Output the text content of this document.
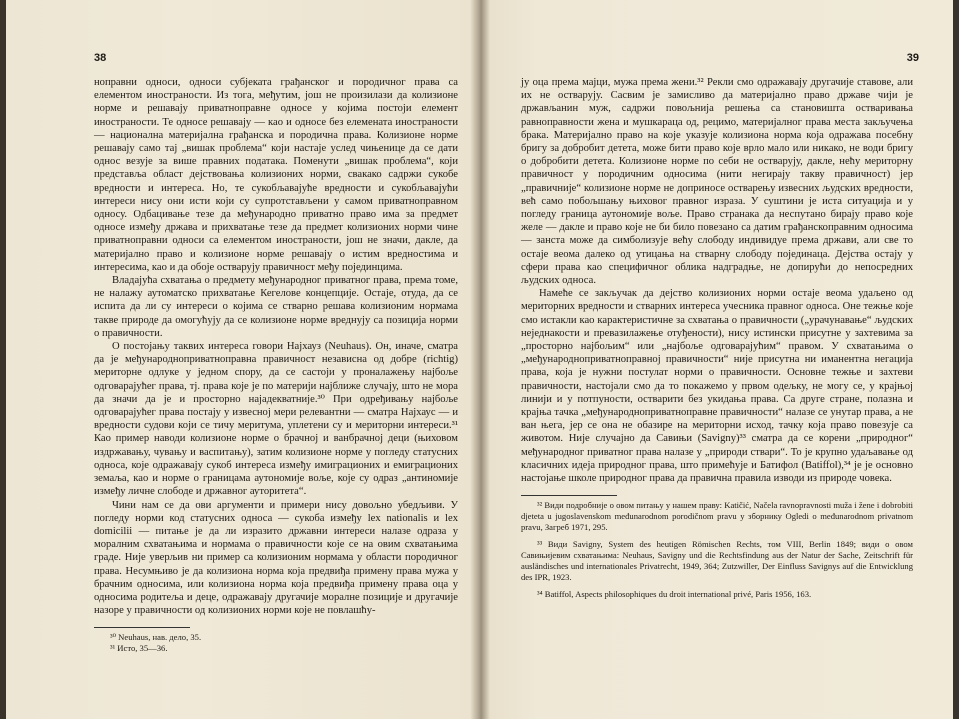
38

ноправни односи, односи субјеката грађанског и породичног права са елементом иностраности. Из тога, међутим, још не произилази да колизионе норме и решавају приватноправне односе у којима постоји елемент иностраности. Те односе решавају — као и односе без елемената иностраности — национална материјална грађанска и породична права. Колизионе норме решавају само тај „вишак проблема“ који настаје услед чињенице да се дати однос везује за више правних података. Поменути „вишак проблема“, који представља област дејствовања колизионих норми, свакако садржи сукобе вредности и интереса. Но, те сукобљавајуће вредности и сукобљавајући интереси нису они исти који су супротстављени у самом приватноправном односу. Одбацивање тезе да међународно приватно право има за предмет односе између држава и прихватање тезе да предмет колизионих норми чине приватноправни односи са елементом иностраности, још не значи, дакле, да материјално право и колизионе норме решавају о истим вредностима и интересима, као и да обоје остварују правичност међу појединцима.

Владајућа схватања о предмету међународног приватног права, према томе, не налажу аутоматско прихватање Кегелове концепције. Остаје, отуда, да се испита да ли су интереси о којима се стварно решава колизионим нормама такве природе да омогућују да се колизионе норме вреднују са позиција норми о правичности.

О постојању таквих интереса говори Најхауз (Neuhaus). Он, иначе, сматра да је међународноприватноправна правичност независна од добре (richtig) мериторне одлуке у једном спору, да се састоји у проналажењу најбоље одговарајућег права, тј. права које је по материји најближе случају, што не мора да значи да је и просторно најадекватније.³⁰ При одређивању најбоље одговарајућег права постају у извесној мери релевантни — сматра Најхаус — и вредности судови који се тичу меритума, уплетени су и мериторни интереси.³¹ Као пример наводи колизионе норме о брачној и ванбрачној деци (њиховом издржавању, чувању и васпитању), затим колизионе норме у погледу статусних односа, које одражавају сукоб интереса између имиграционих и емиграционих земаља, као и норме о границама аутономије воље, које су одраз „антиномије између личне слободе и државног ауторитета“.

Чини нам се да ови аргументи и примери нису довољно убедљиви. У погледу норми код статусних односа — сукоба између lex nationalis и lex domicilii — питање је да ли изразито државни интереси налазе одраза у моралним схватањима и нормама о правичности које се на овим схватањима граде. Није уверљив ни пример са колизионим нормама у области породичног права. Несумњиво је да колизиона норма која предвиђа примену права мужа у брачним односима, или колизиона норма која предвиђа примену права оца у односима родитеља и деце, одражавају другачије моралне позиције и другачије назоре у правичности од колизионих норми које не повлашћу-

³⁰ Neuhaus, нав. дело, 35.
³¹ Исто, 35—36.
39

ју оца према мајци, мужа према жени.³² Рекли смо одражавају другачије ставове, али их не остварују. Сасвим је замисливо да материјално право државе чији је држављанин муж, садржи повољнија решења са становишта остваривања равноправности жена и мушкараца од, рецимо, материјалног права места закључења брака. Материјално право на које указује колизиона норма која одражава посебну бригу за добробит детета, може бити право које врло мало или никако, не води бригу о добробити детета. Колизионе норме по себи не остварују, дакле, нећу мериторну правичност у породичним односима (нити негирају такву правичност) јер „правичније“ колизионе норме не доприносе остварењу извесних људских вредности, већ само побољшању њиховог правног израза. У суштини је иста ситуација и у погледу граница аутономије воље. Право странака да неспутано бирају право које желе — дакле и право које не би било повезано са датим грађанскоправним односима — занста може да симболизује већу слободу индивидуе према држави, али све то остаје веома далеко од утицања на стварну слободу појединаца. Дејства остају у сфери права као специфичног облика надградње, не допирући до непосредних људских односа.

Намеће се закључак да дејство колизионих норми остаје веома удаљено од мериторних вредности и стварних интереса учесника правног односа. Оне тежње које смо истакли као карактеристичне за схватања о правичности („урачунавање“ људских неједнакости и превазилажење отуђености), нису истински присутне у захтевима за „просторно најбољим“ или „најбоље одговарајућим“ правом. У схватањима о „међународноприватноправној правичности“ није присутна ни иманентна негација права, која је нужни постулат норми о правичности. Основне тежње и захтеви правичности, настојали смо да то покажемо у првом одељку, не могу се, у крајњој линији и у потпуности, остварити без укидања права. Са друге стране, полазна и крајња тачка „међународноприватноправне правичности“ налазе се унутар права, а не ван њега, јер се она не обазире на мериторни исход, тачку која право повезује са животом. Није случајно да Савињи (Savigny)³³ сматра да се корени „природног“ међународног приватног права налазе у „природи ствари“. То је крупно удаљавање од класичних идеја природног права, што примећује и Батифол (Batiffol),³⁴ је је основно настојање школе природног права да правична правила изводи из природе човека.

³² Види подробније о овом питању у нашем праву: Katičić, Načela ravnopravnosti muža i žene i dobrobiti djeteta u jugoslavenskom međunarodnom porodičnom pravu у зборнику Ogledi o međunarodnom privatnom pravu, Загреб 1971, 295.
³³ Види Savigny, System des heutigen Römischen Rechts, том VIII, Berlin 1849; види о овом Савињијевим схватањима: Neuhaus, Savigny und die Rechtsfindung aus der Natur der Sache, Zeitschrift für ausländisches und internationales Privatrecht, 1949, 364; Zutzwiller, Der Einfluss Savignys auf die Entwicklung des IPR, 1923.
³⁴ Batiffol, Aspects philosophiques du droit international privé, Paris 1956, 163.
